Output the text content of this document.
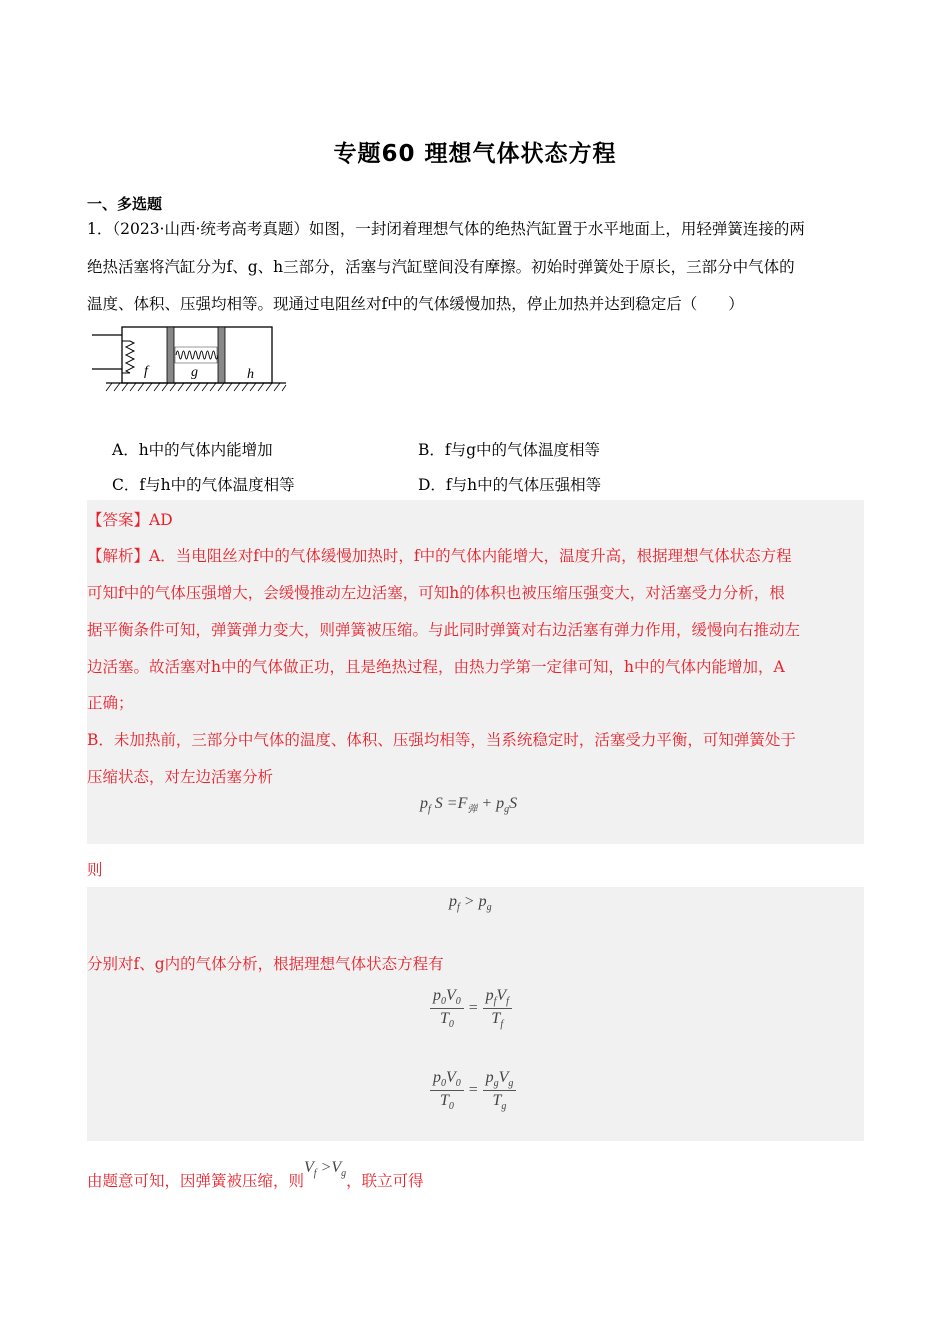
专题60 理想气体状态方程
一、多选题
1．（2023·山西·统考高考真题）如图，一封闭着理想气体的绝热汽缸置于水平地面上，用轻弹簧连接的两
绝热活塞将汽缸分为f、g、h三部分，活塞与汽缸壁间没有摩擦。初始时弹簧处于原长，三部分中气体的
温度、体积、压强均相等。现通过电阻丝对f中的气体缓慢加热，停止加热并达到稳定后（　　）
f	g	h
A．h中的气体内能增加	B．f与g中的气体温度相等
C．f与h中的气体温度相等	D．f与h中的气体压强相等
【答案】AD
【解析】A．当电阻丝对f中的气体缓慢加热时，f中的气体内能增大，温度升高，根据理想气体状态方程
可知f中的气体压强增大，会缓慢推动左边活塞，可知h的体积也被压缩压强变大，对活塞受力分析，根
据平衡条件可知，弹簧弹力变大，则弹簧被压缩。与此同时弹簧对右边活塞有弹力作用，缓慢向右推动左
边活塞。故活塞对h中的气体做正功，且是绝热过程，由热力学第一定律可知，h中的气体内能增加，A
正确；
B．未加热前，三部分中气体的温度、体积、压强均相等，当系统稳定时，活塞受力平衡，可知弹簧处于
压缩状态，对左边活塞分析
$p_f$ $S =F_弹 + p_gS$
则
$p_f > p_g$
分别对f、g内的气体分析，根据理想气体状态方程有
$\frac{p_0V_0}{T_0} = \frac{p_fV_f}{T_f}$
$\frac{p_0V_0}{T_0} = \frac{p_gV_g}{T_g}$
由题意可知，因弹簧被压缩，则$V_f >V_g$，联立可得
